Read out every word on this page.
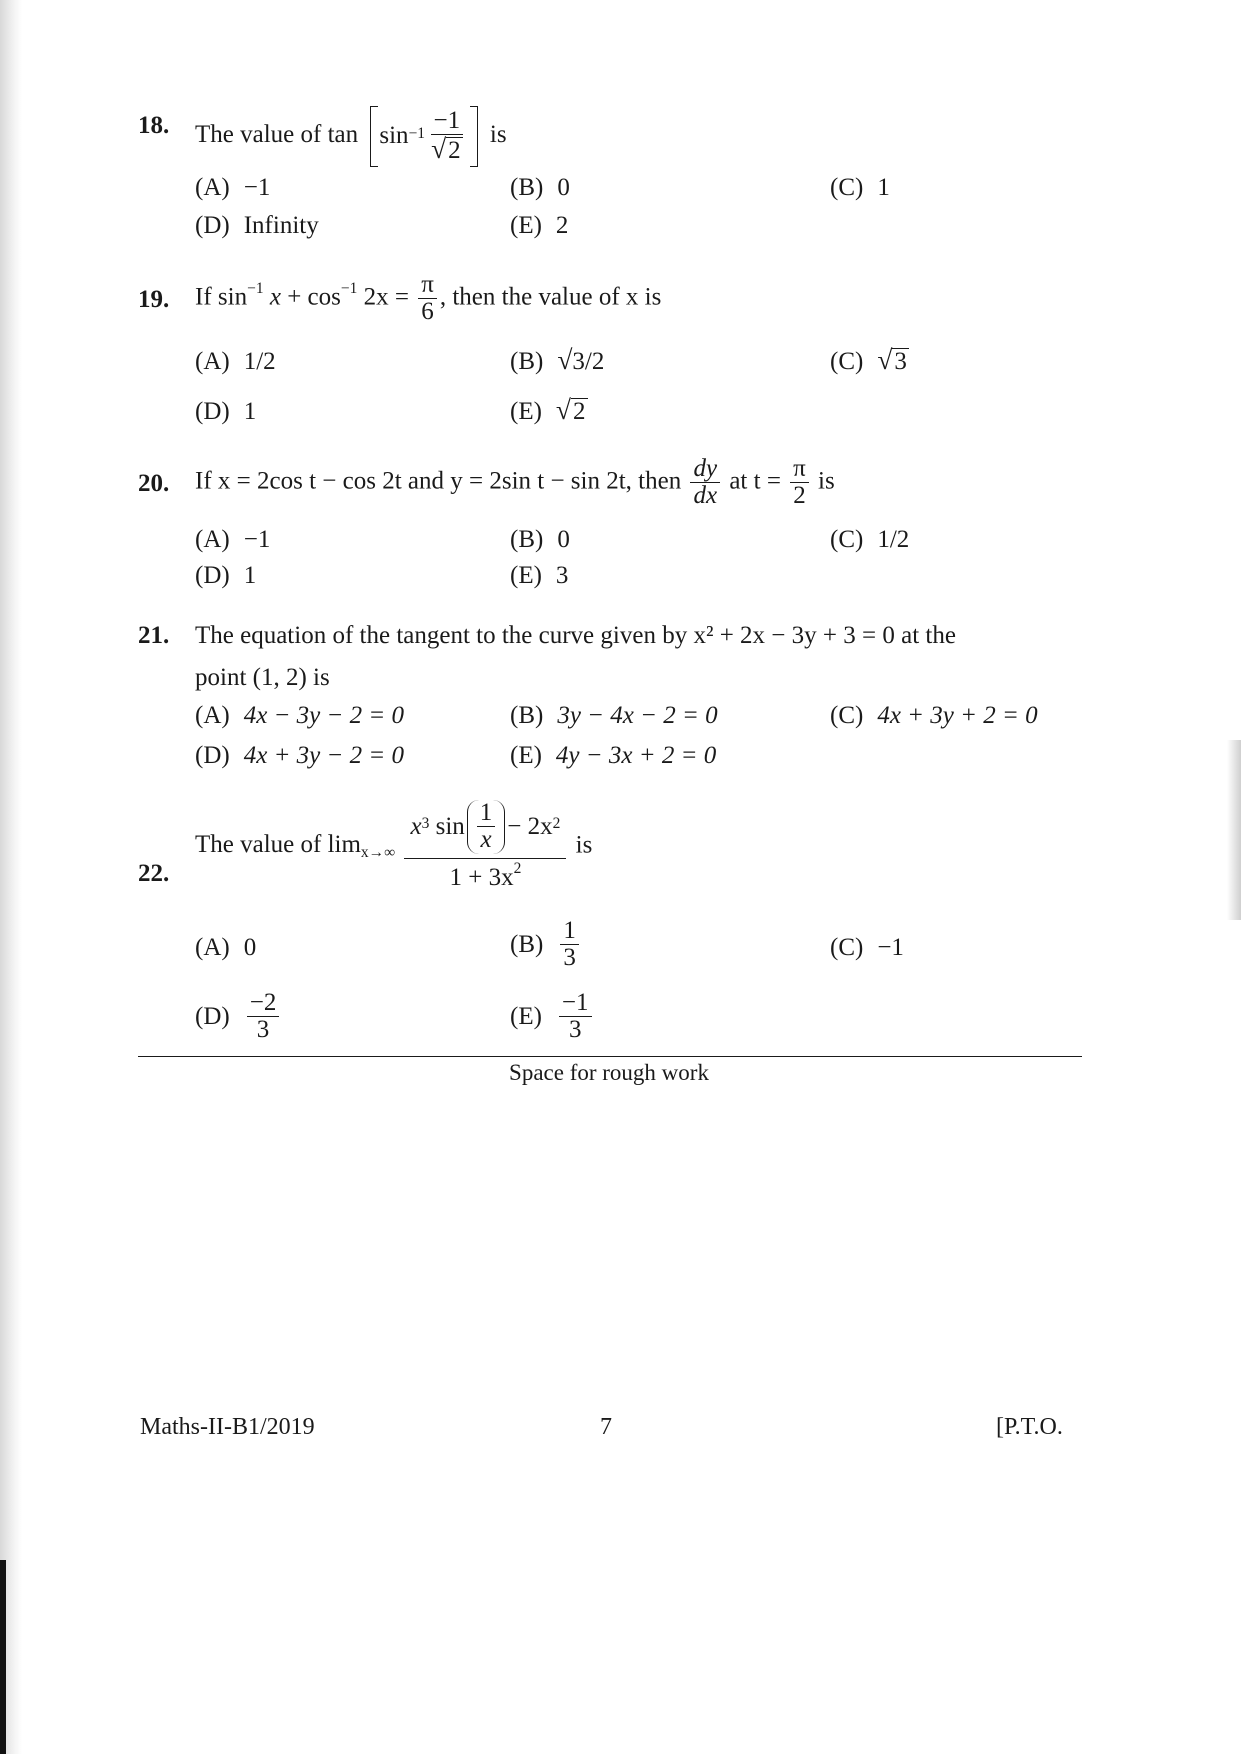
18. The value of $\tan \sin^{-1} \frac{-1}{√ 2}$ is
(A) −1	(B) 0	(C) 1
(D) Infinity	(E) 2
19. If $\sin^{-1} x + \cos^{-1} 2x = \frac{\pi}{6}$ , then the value of x is
(A) 1/2	(B) √ 3/2	(C) √ 3
(D) 1	(E) √ 2
20. If x = 2cos t − cos 2t and y = 2sin t − sin 2t, then $\frac{dy}{dx}$ at $t = \frac{\pi}{2}$ is
(A) −1	(B) 0	(C) 1/2
(D) 1	(E) 3
21. The equation of the tangent to the curve given by x² + 2x − 3y + 3 = 0 at the
point (1, 2) is
(A) 4x − 3y − 2 = 0	(B) 3y − 4x − 2 = 0	(C) 4x + 3y + 2 = 0
(D) 4x + 3y − 2 = 0	(E) 4y − 3x + 2 = 0
22.
The value of $\lim_{x\to\infty} x^3$
$\sin \frac{1}{x} - 2x^2$
$1 + 3x^2$ is
(A) 0	$(B) \frac{1}{3}$	(C) −1
$(D) \frac{-2}{3}$	$(E) \frac{-1}{3}$
Space for rough work
Maths-II-B1/2019	7	[P.T.O.
